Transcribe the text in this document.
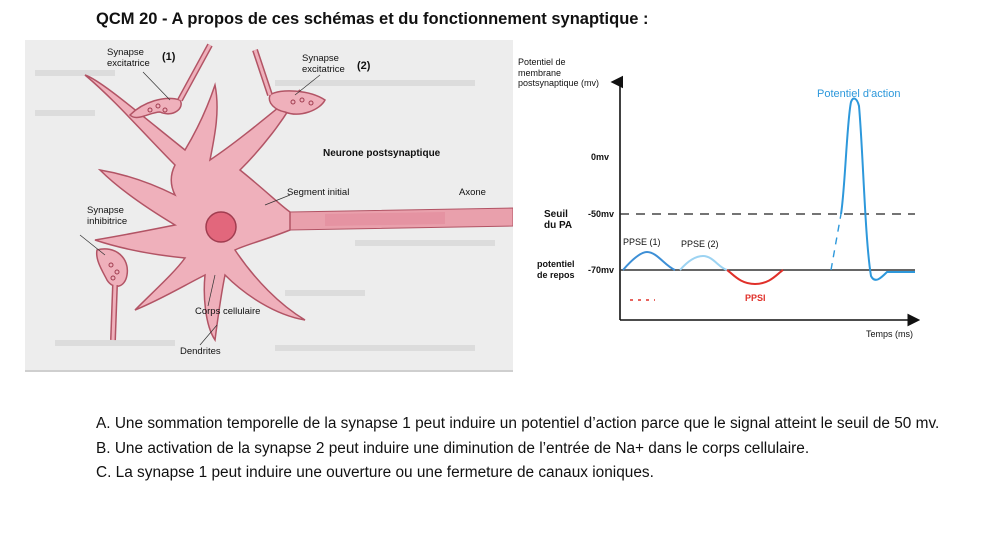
QCM 20 - A propos de ces schémas et du fonctionnement synaptique :
Synapse excitatrice
(1)	Synapse excitatrice	(2)
Neurone postsynaptique
Segment initial	Axone
Synapse inhibitrice
Corps cellulaire
Dendrites
Potentiel de membrane postsynaptique (mv)
0mv
Seuil du PA
-50mv
potentiel de repos	-70mv
PPSE (1) PPSE (2)
PPSI
Potentiel d'action
Temps (ms)

A. Une sommation temporelle de la synapse 1 peut induire un potentiel d’action parce que le signal atteint le seuil de 50 mv.

B. Une activation de la synapse 2 peut induire une diminution de l’entrée de Na+ dans le corps cellulaire.

C. La synapse 1 peut induire une ouverture ou une fermeture de canaux ioniques.
